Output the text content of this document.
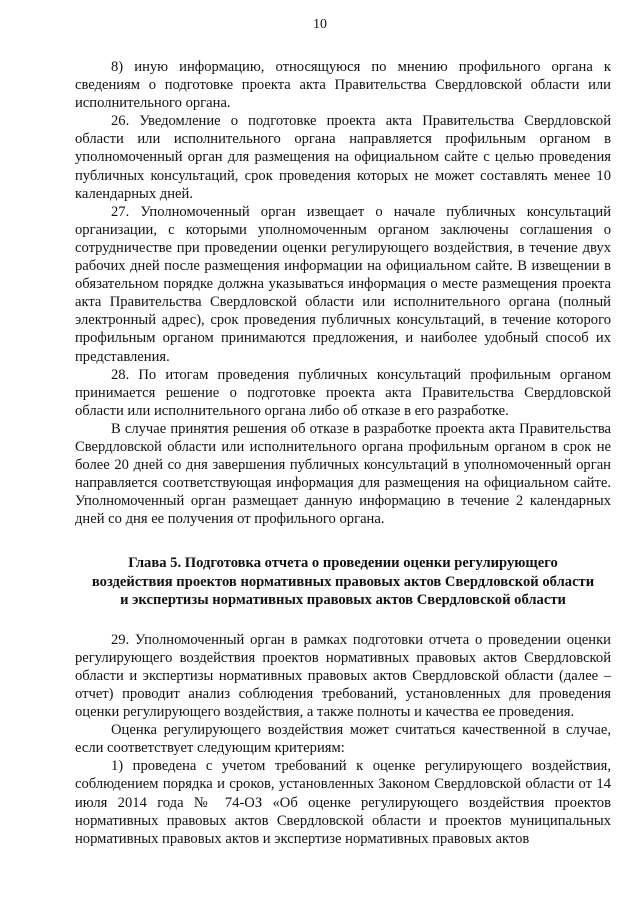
10

8) иную информацию, относящуюся по мнению профильного органа к сведениям о подготовке проекта акта Правительства Свердловской области или исполнительного органа.

26. Уведомление о подготовке проекта акта Правительства Свердловской области или исполнительного органа направляется профильным органом в уполномоченный орган для размещения на официальном сайте с целью проведения публичных консультаций, срок проведения которых не может составлять менее 10 календарных дней.

27. Уполномоченный орган извещает о начале публичных консультаций организации, с которыми уполномоченным органом заключены соглашения о сотрудничестве при проведении оценки регулирующего воздействия, в течение двух рабочих дней после размещения информации на официальном сайте. В извещении в обязательном порядке должна указываться информация о месте размещения проекта акта Правительства Свердловской области или исполнительного органа (полный электронный адрес), срок проведения публичных консультаций, в течение которого профильным органом принимаются предложения, и наиболее удобный способ их представления.

28. По итогам проведения публичных консультаций профильным органом принимается решение о подготовке проекта акта Правительства Свердловской области или исполнительного органа либо об отказе в его разработке.

В случае принятия решения об отказе в разработке проекта акта Правительства Свердловской области или исполнительного органа профильным органом в срок не более 20 дней со дня завершения публичных консультаций в уполномоченный орган направляется соответствующая информация для размещения на официальном сайте. Уполномоченный орган размещает данную информацию в течение 2 календарных дней со дня ее получения от профильного органа.

Глава 5. Подготовка отчета о проведении оценки регулирующего
воздействия проектов нормативных правовых актов Свердловской области
и экспертизы нормативных правовых актов Свердловской области

29. Уполномоченный орган в рамках подготовки отчета о проведении оценки регулирующего воздействия проектов нормативных правовых актов Свердловской области и экспертизы нормативных правовых актов Свердловской области (далее – отчет) проводит анализ соблюдения требований, установленных для проведения оценки регулирующего воздействия, а также полноты и качества ее проведения.

Оценка регулирующего воздействия может считаться качественной в случае, если соответствует следующим критериям:

1) проведена с учетом требований к оценке регулирующего воздействия, соблюдением порядка и сроков, установленных Законом Свердловской области от 14 июля 2014 года № 74-ОЗ «Об оценке регулирующего воздействия проектов нормативных правовых актов Свердловской области и проектов муниципальных нормативных правовых актов и экспертизе нормативных правовых актов
